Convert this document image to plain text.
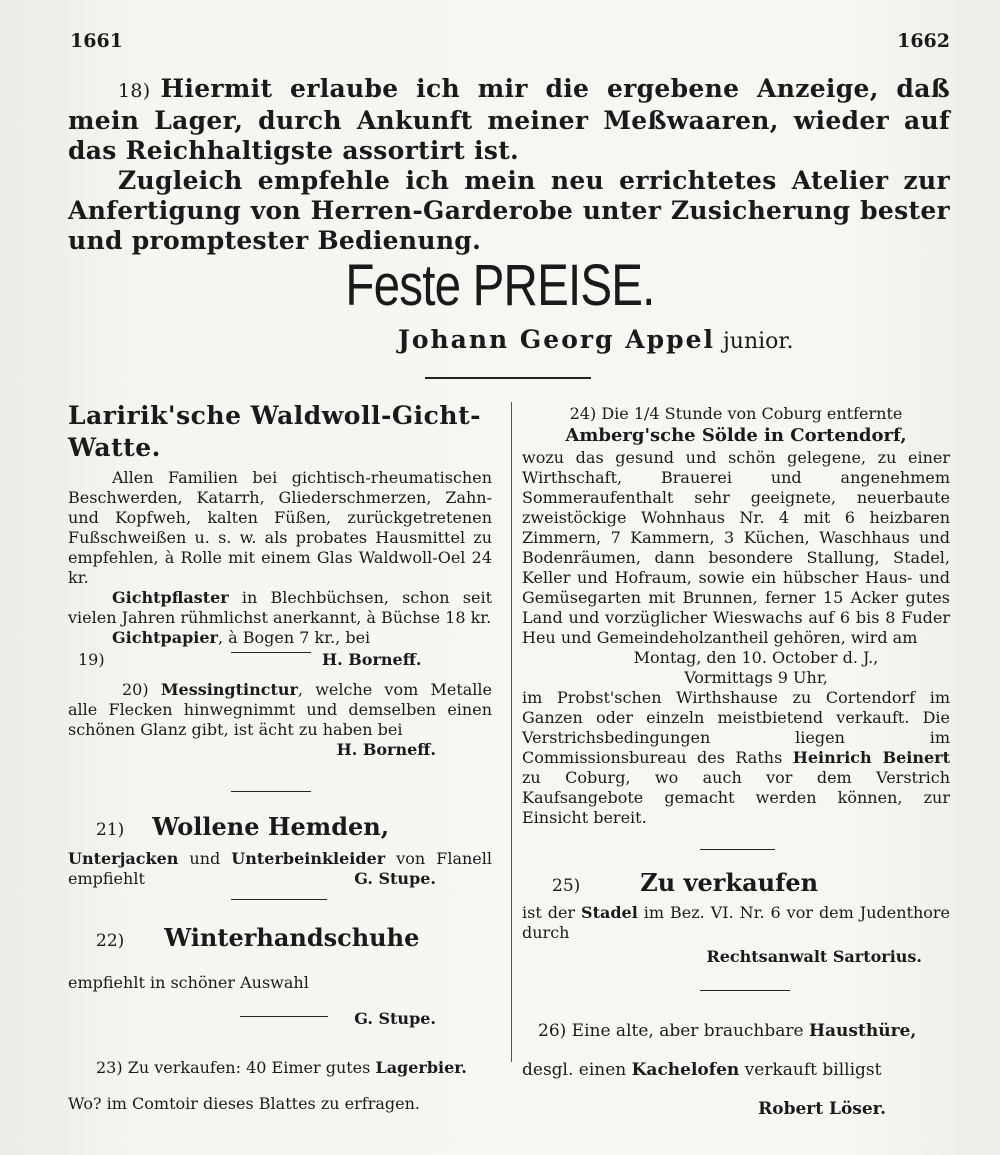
1661	1662

18) Hiermit erlaube ich mir die ergebene Anzeige, daß mein Lager, durch Ankunft meiner Meßwaaren, wieder auf das Reichhaltigste assortirt ist.

Zugleich empfehle ich mein neu errichtetes Atelier zur Anfertigung von Herren-Garderobe unter Zusicherung bester und promptester Bedienung.

Feste PREISE.
Johann Georg Appel junior.
Laririk'sche Waldwoll-Gicht-Watte.

Allen Familien bei gichtisch-rheumatischen Beschwerden, Katarrh, Gliederschmerzen, Zahn- und Kopfweh, kalten Füßen, zurückgetretenen Fußschweißen u. s. w. als probates Hausmittel zu empfehlen, à Rolle mit einem Glas Waldwoll-Oel 24 kr.

Gichtpflaster in Blechbüchsen, schon seit vielen Jahren rühmlichst anerkannt, à Büchse 18 kr.

Gichtpapier, à Bogen 7 kr., bei

19)	H. Borneff.

20) Messingtinctur, welche vom Metalle alle Flecken hinwegnimmt und demselben einen schönen Glanz gibt, ist ächt zu haben bei

H. Borneff.

21) Wollene Hemden,

Unterjacken und Unterbeinkleider von Flanell empfiehlt	G. Stupe.

22) Winterhandschuhe

empfiehlt in schöner Auswahl

G. Stupe.

23) Zu verkaufen: 40 Eimer gutes Lagerbier.

Wo? im Comtoir dieses Blattes zu erfragen.

24) Die 1/4 Stunde von Coburg entfernte

Amberg'sche Sölde in Cortendorf,

wozu das gesund und schön gelegene, zu einer Wirthschaft, Brauerei und angenehmem Sommeraufenthalt sehr geeignete, neuerbaute zweistöckige Wohnhaus Nr. 4 mit 6 heizbaren Zimmern, 7 Kammern, 3 Küchen, Waschhaus und Bodenräumen, dann besondere Stallung, Stadel, Keller und Hofraum, sowie ein hübscher Haus- und Gemüsegarten mit Brunnen, ferner 15 Acker gutes Land und vorzüglicher Wieswachs auf 6 bis 8 Fuder Heu und Gemeindeholzantheil gehören, wird am

Montag, den 10. October d. J.,

Vormittags 9 Uhr,

im Probst'schen Wirthshause zu Cortendorf im Ganzen oder einzeln meistbietend verkauft. Die Verstrichsbedingungen liegen im Commissionsbureau des Raths Heinrich Beinert zu Coburg, wo auch vor dem Verstrich Kaufsangebote gemacht werden können, zur Einsicht bereit.

25)	Zu verkaufen

ist der Stadel im Bez. VI. Nr. 6 vor dem Judenthore durch

Rechtsanwalt Sartorius.

26) Eine alte, aber brauchbare Hausthüre,

desgl. einen Kachelofen verkauft billigst

Robert Löser.
